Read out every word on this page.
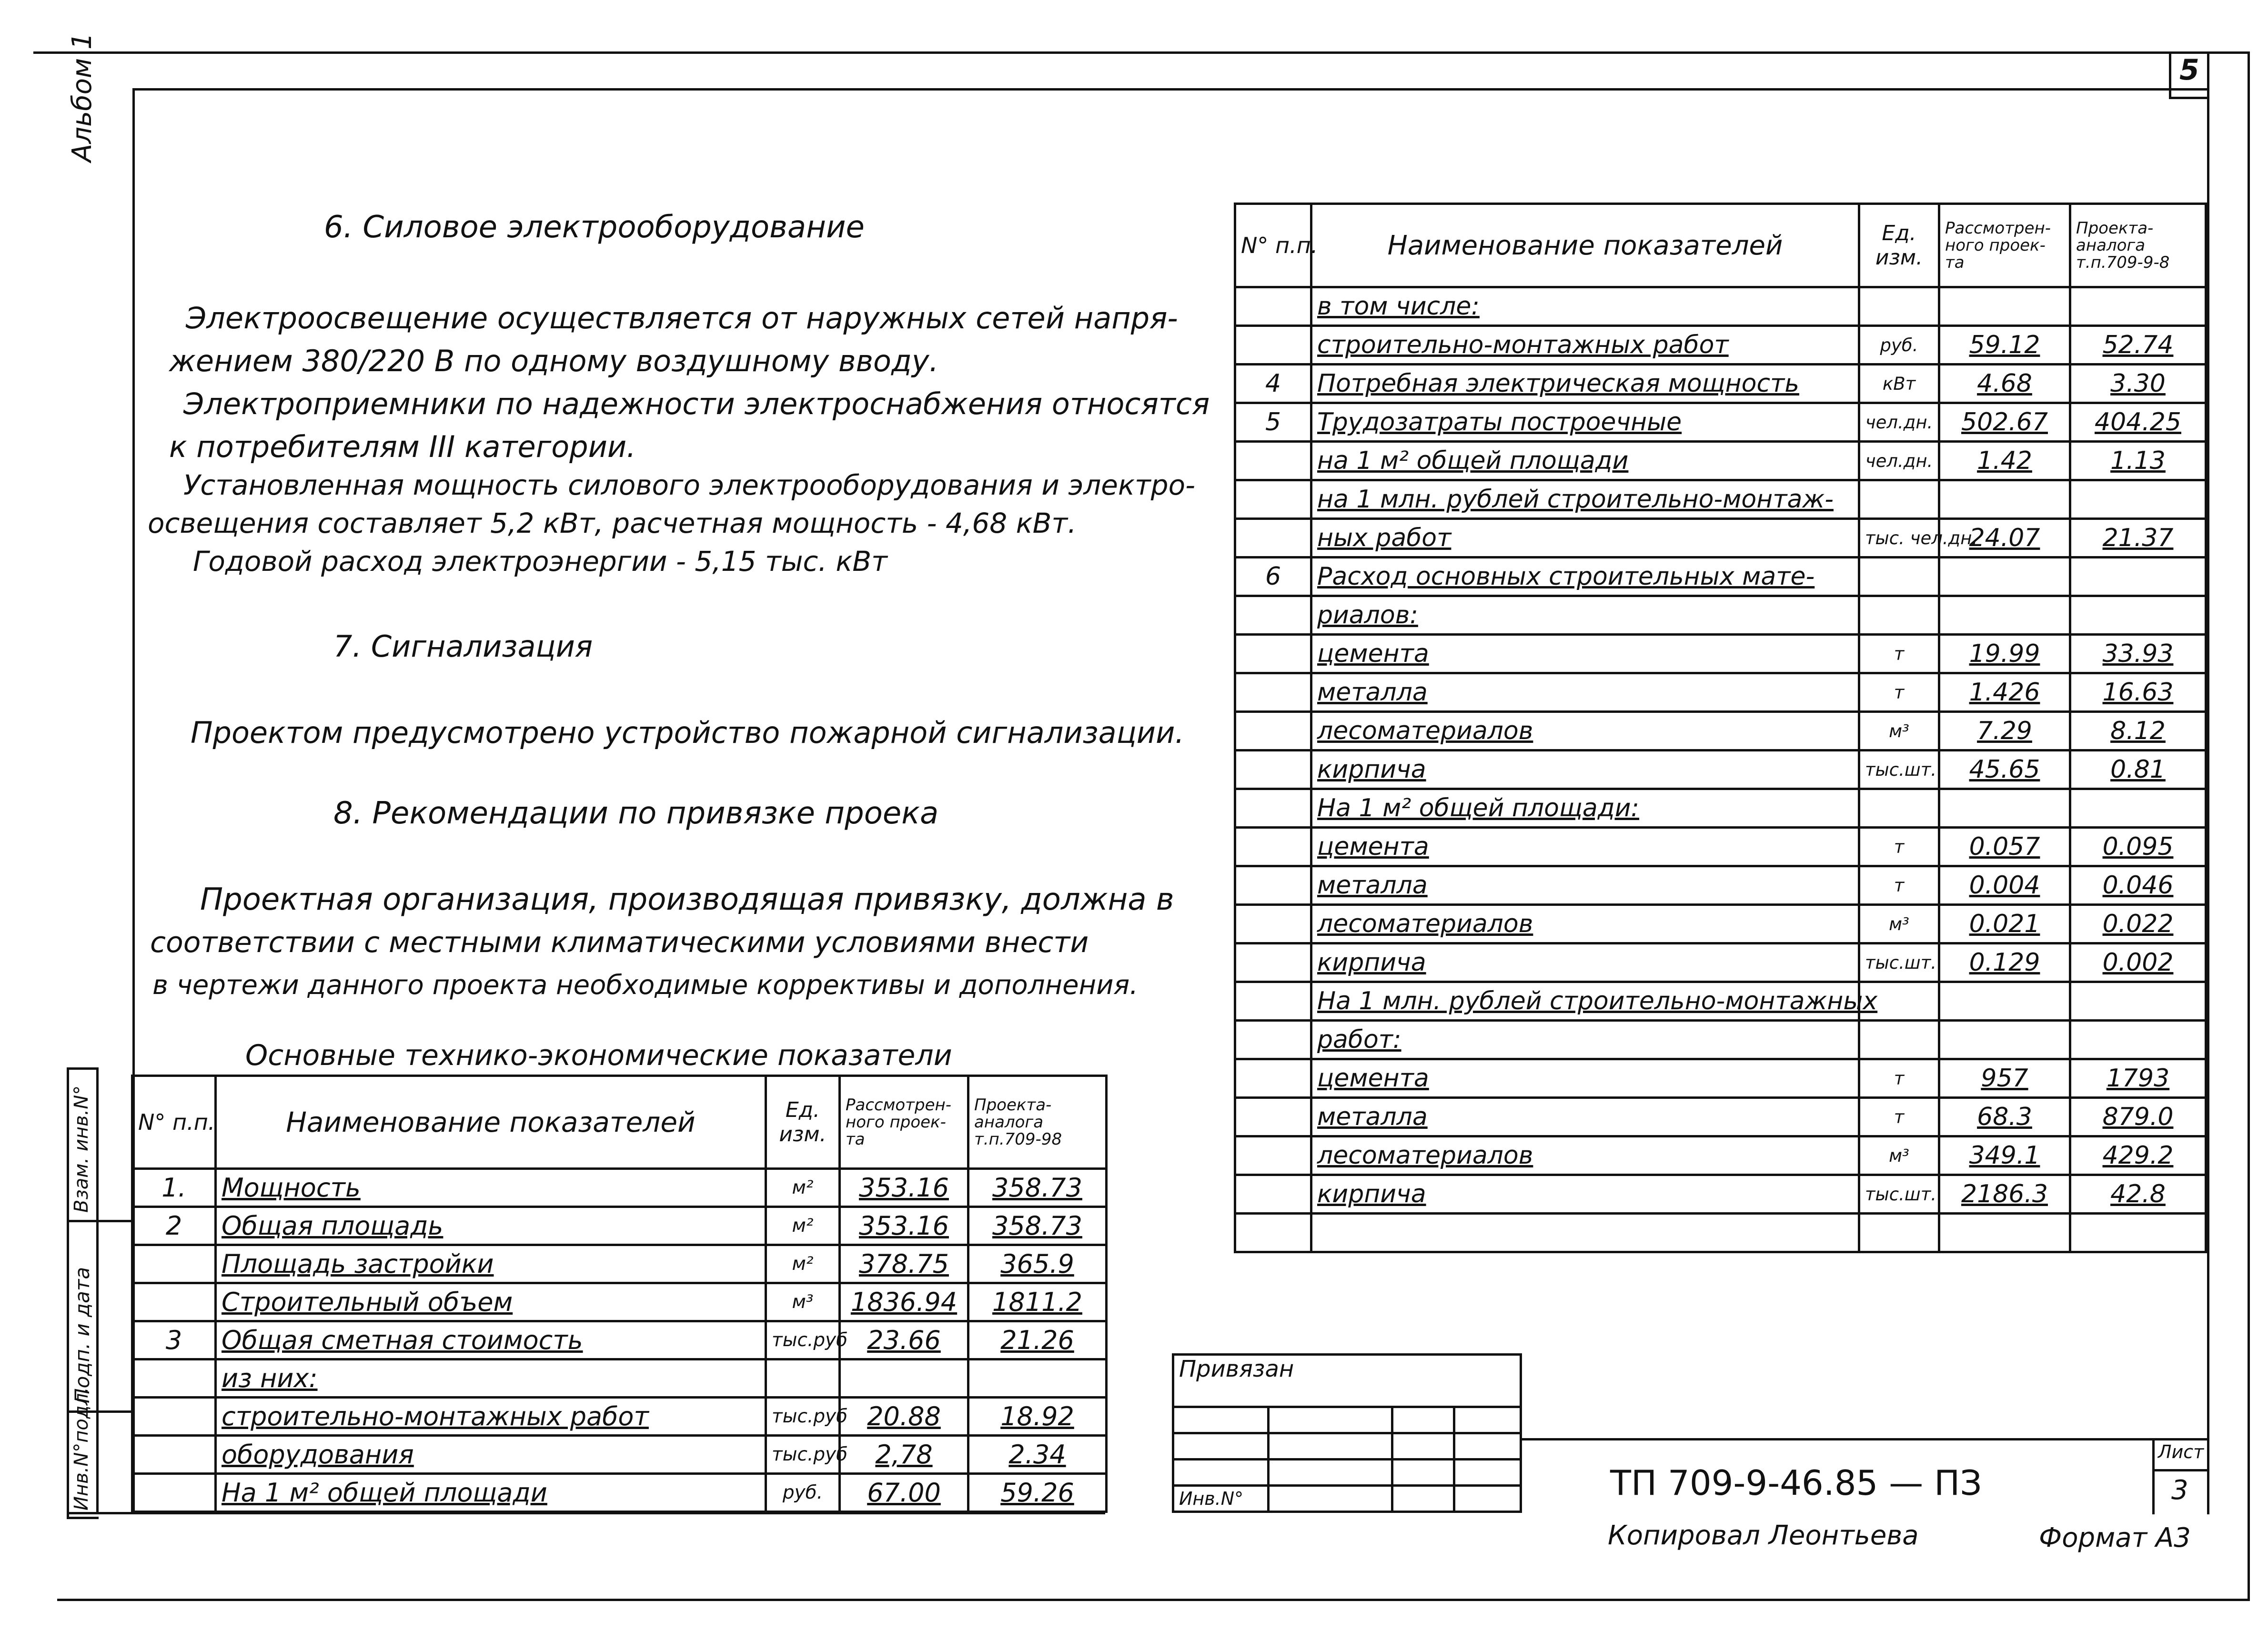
5
Альбом 1
6. Силовое электрооборудование
Электроосвещение осуществляется от наружных сетей напря-
жением 380/220 В по одному воздушному вводу.
Электроприемники по надежности электроснабжения относятся
к потребителям III категории.
Установленная мощность силового электрооборудования и электро-
освещения составляет 5,2 кВт, расчетная мощность - 4,68 кВт.
Годовой расход электроэнергии - 5,15 тыс. кВт
7. Сигнализация
Проектом предусмотрено устройство пожарной сигнализации.
8. Рекомендации по привязке проека
Проектная организация, производящая привязку, должна в
соответствии с местными климатическими условиями внести
в чертежи данного проекта необходимые коррективы и дополнения.
Основные технико-экономические показатели
N° п.п.	Наименование показателей	Ед. изм.	Рассмотрен-ного проек-та	Проекта-аналога т.п.709-98
1.	Мощность	м²	353.16	358.73
2	Общая площадь	м²	353.16	358.73
	Площадь застройки	м²	378.75	365.9
	Строительный объем	м³	1836.94	1811.2
3	Общая сметная стоимость	тыс.руб	23.66	21.26
	из них:			
	строительно-монтажных работ	тыс.руб	20.88	18.92
	оборудования	тыс.руб	2,78	2.34
	На 1 м² общей площади	руб.	67.00	59.26
N° п.п.	Наименование показателей	Ед. изм.	Рассмотрен-ного проек-та	Проекта-аналога т.п.709-9-8
	в том числе:			
	строительно-монтажных работ	руб.	59.12	52.74
4	Потребная электрическая мощность	кВт	4.68	3.30
5	Трудозатраты построечные	чел.дн.	502.67	404.25
	на 1 м² общей площади	чел.дн.	1.42	1.13
	на 1 млн. рублей строительно-монтаж-			
	ных работ	тыс. чел.дн.	24.07	21.37
6	Расход основных строительных мате-			
	риалов:			
	цемента	т	19.99	33.93
	металла	т	1.426	16.63
	лесоматериалов	м³	7.29	8.12
	кирпича	тыс.шт.	45.65	0.81
	На 1 м² общей площади:			
	цемента	т	0.057	0.095
	металла	т	0.004	0.046
	лесоматериалов	м³	0.021	0.022
	кирпича	тыс.шт.	0.129	0.002
	На 1 млн. рублей строительно-монтажных			
	работ:			
	цемента	т	957	1793
	металла	т	68.3	879.0
	лесоматериалов	м³	349.1	429.2
	кирпича	тыс.шт.	2186.3	42.8

Инв.N°подл.
Подп. и дата
Взам. инв.N°
Привязан			

Инв.N°				ТП 709-9-46.85 — ПЗ
Лист
3
Копировал Леонтьева	Формат А3
